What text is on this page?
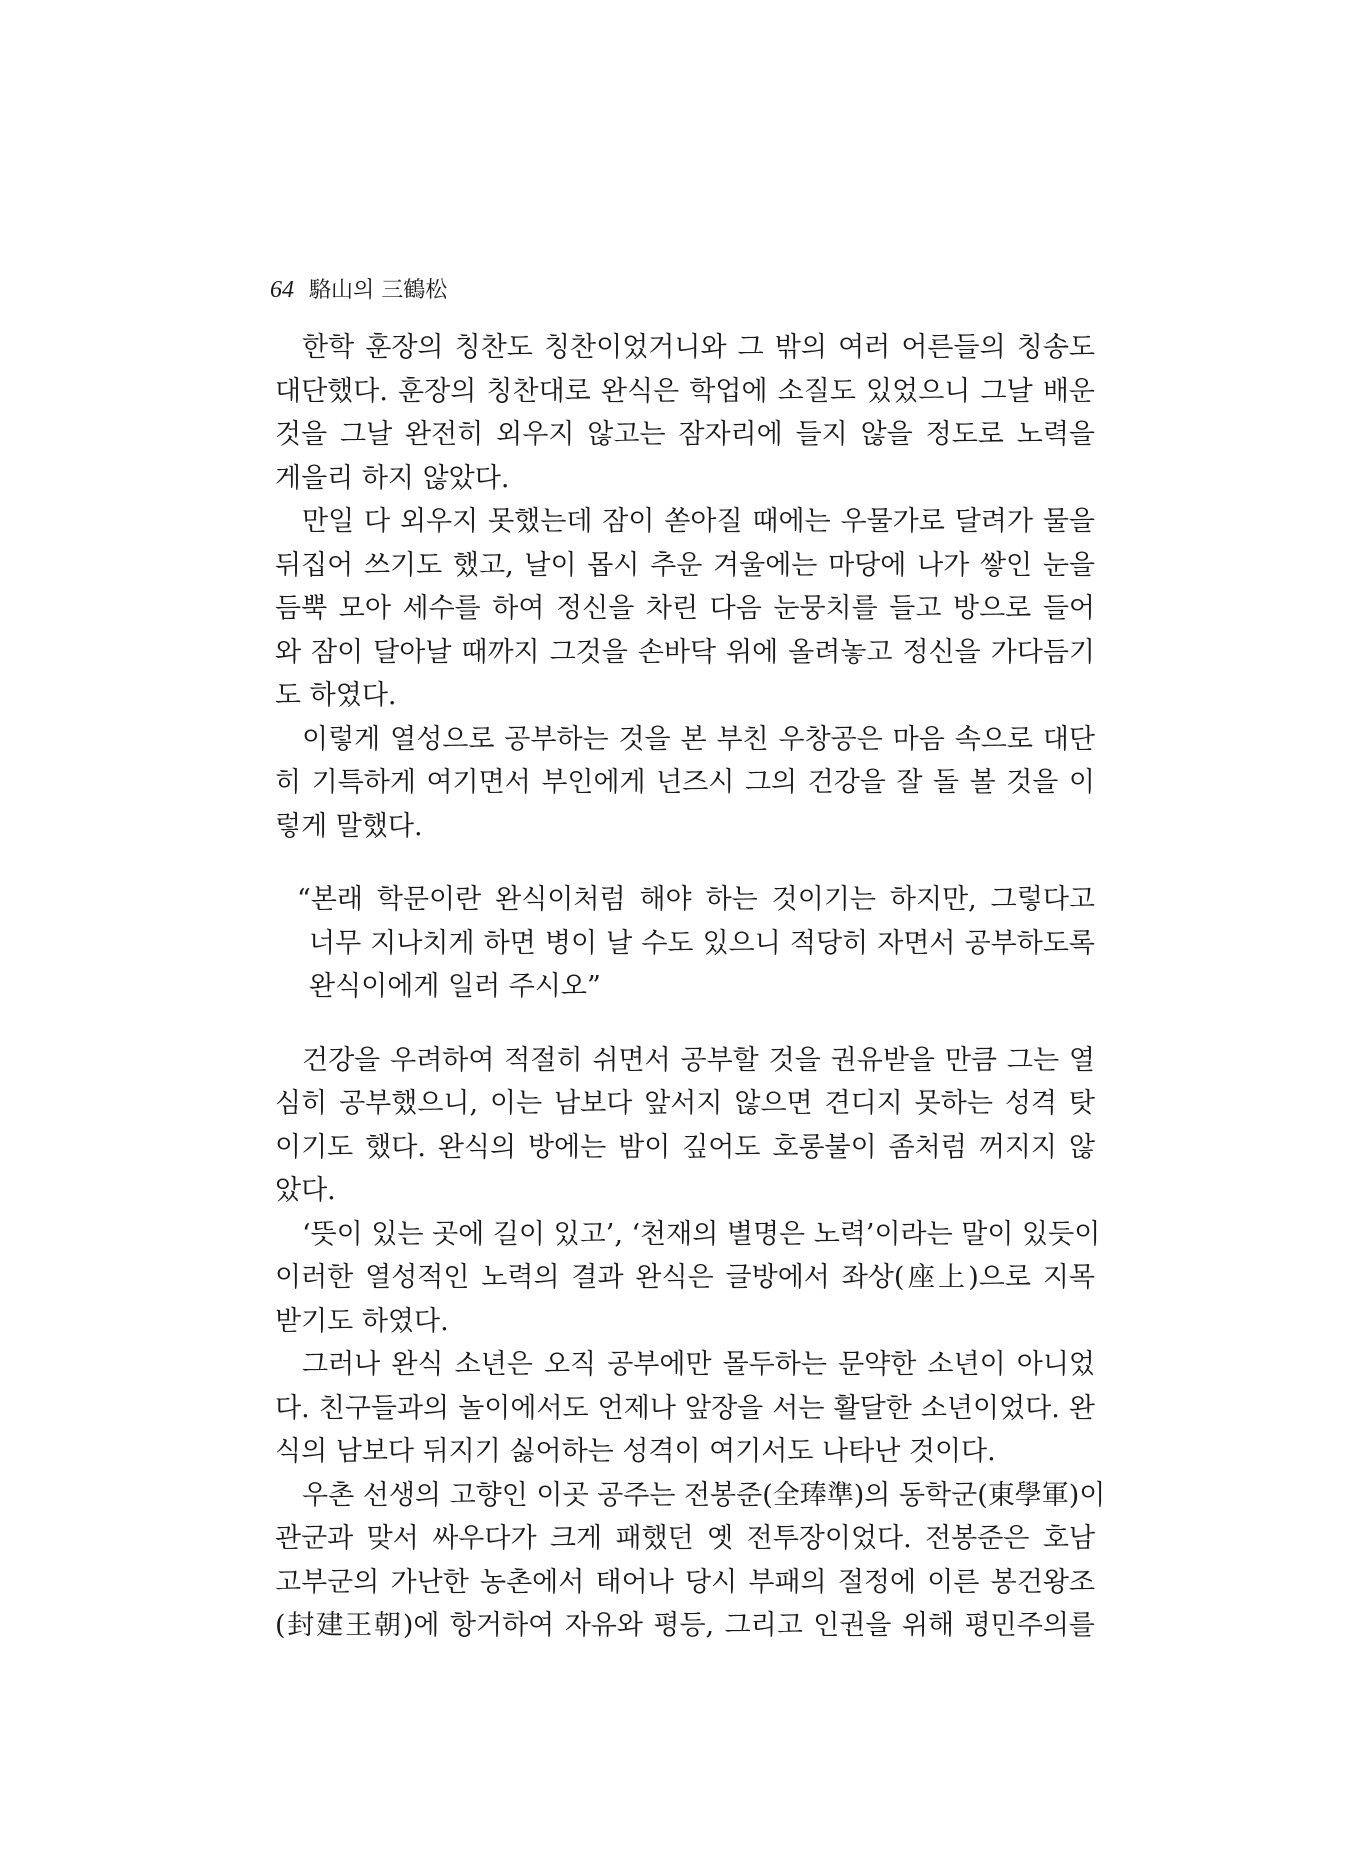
64 駱山의 三鶴松
한학 훈장의 칭찬도 칭찬이었거니와 그 밖의 여러 어른들의 칭송도
대단했다. 훈장의 칭찬대로 완식은 학업에 소질도 있었으니 그날 배운
것을 그날 완전히 외우지 않고는 잠자리에 들지 않을 정도로 노력을
게을리 하지 않았다.
만일 다 외우지 못했는데 잠이 쏟아질 때에는 우물가로 달려가 물을
뒤집어 쓰기도 했고, 날이 몹시 추운 겨울에는 마당에 나가 쌓인 눈을
듬뿍 모아 세수를 하여 정신을 차린 다음 눈뭉치를 들고 방으로 들어
와 잠이 달아날 때까지 그것을 손바닥 위에 올려놓고 정신을 가다듬기
도 하였다.
이렇게 열성으로 공부하는 것을 본 부친 우창공은 마음 속으로 대단
히 기특하게 여기면서 부인에게 넌즈시 그의 건강을 잘 돌 볼 것을 이
렇게 말했다.
“본래 학문이란 완식이처럼 해야 하는 것이기는 하지만, 그렇다고
너무 지나치게 하면 병이 날 수도 있으니 적당히 자면서 공부하도록
완식이에게 일러 주시오”
건강을 우려하여 적절히 쉬면서 공부할 것을 권유받을 만큼 그는 열
심히 공부했으니, 이는 남보다 앞서지 않으면 견디지 못하는 성격 탓
이기도 했다. 완식의 방에는 밤이 깊어도 호롱불이 좀처럼 꺼지지 않
았다.
‘뜻이 있는 곳에 길이 있고’, ‘천재의 별명은 노력’이라는 말이 있듯이
이러한 열성적인 노력의 결과 완식은 글방에서 좌상(座上)으로 지목
받기도 하였다.
그러나 완식 소년은 오직 공부에만 몰두하는 문약한 소년이 아니었
다. 친구들과의 놀이에서도 언제나 앞장을 서는 활달한 소년이었다. 완
식의 남보다 뒤지기 싫어하는 성격이 여기서도 나타난 것이다.
우촌 선생의 고향인 이곳 공주는 전봉준(全琫準)의 동학군(東學軍)이
관군과 맞서 싸우다가 크게 패했던 옛 전투장이었다. 전봉준은 호남
고부군의 가난한 농촌에서 태어나 당시 부패의 절정에 이른 봉건왕조
(封建王朝)에 항거하여 자유와 평등, 그리고 인권을 위해 평민주의를
